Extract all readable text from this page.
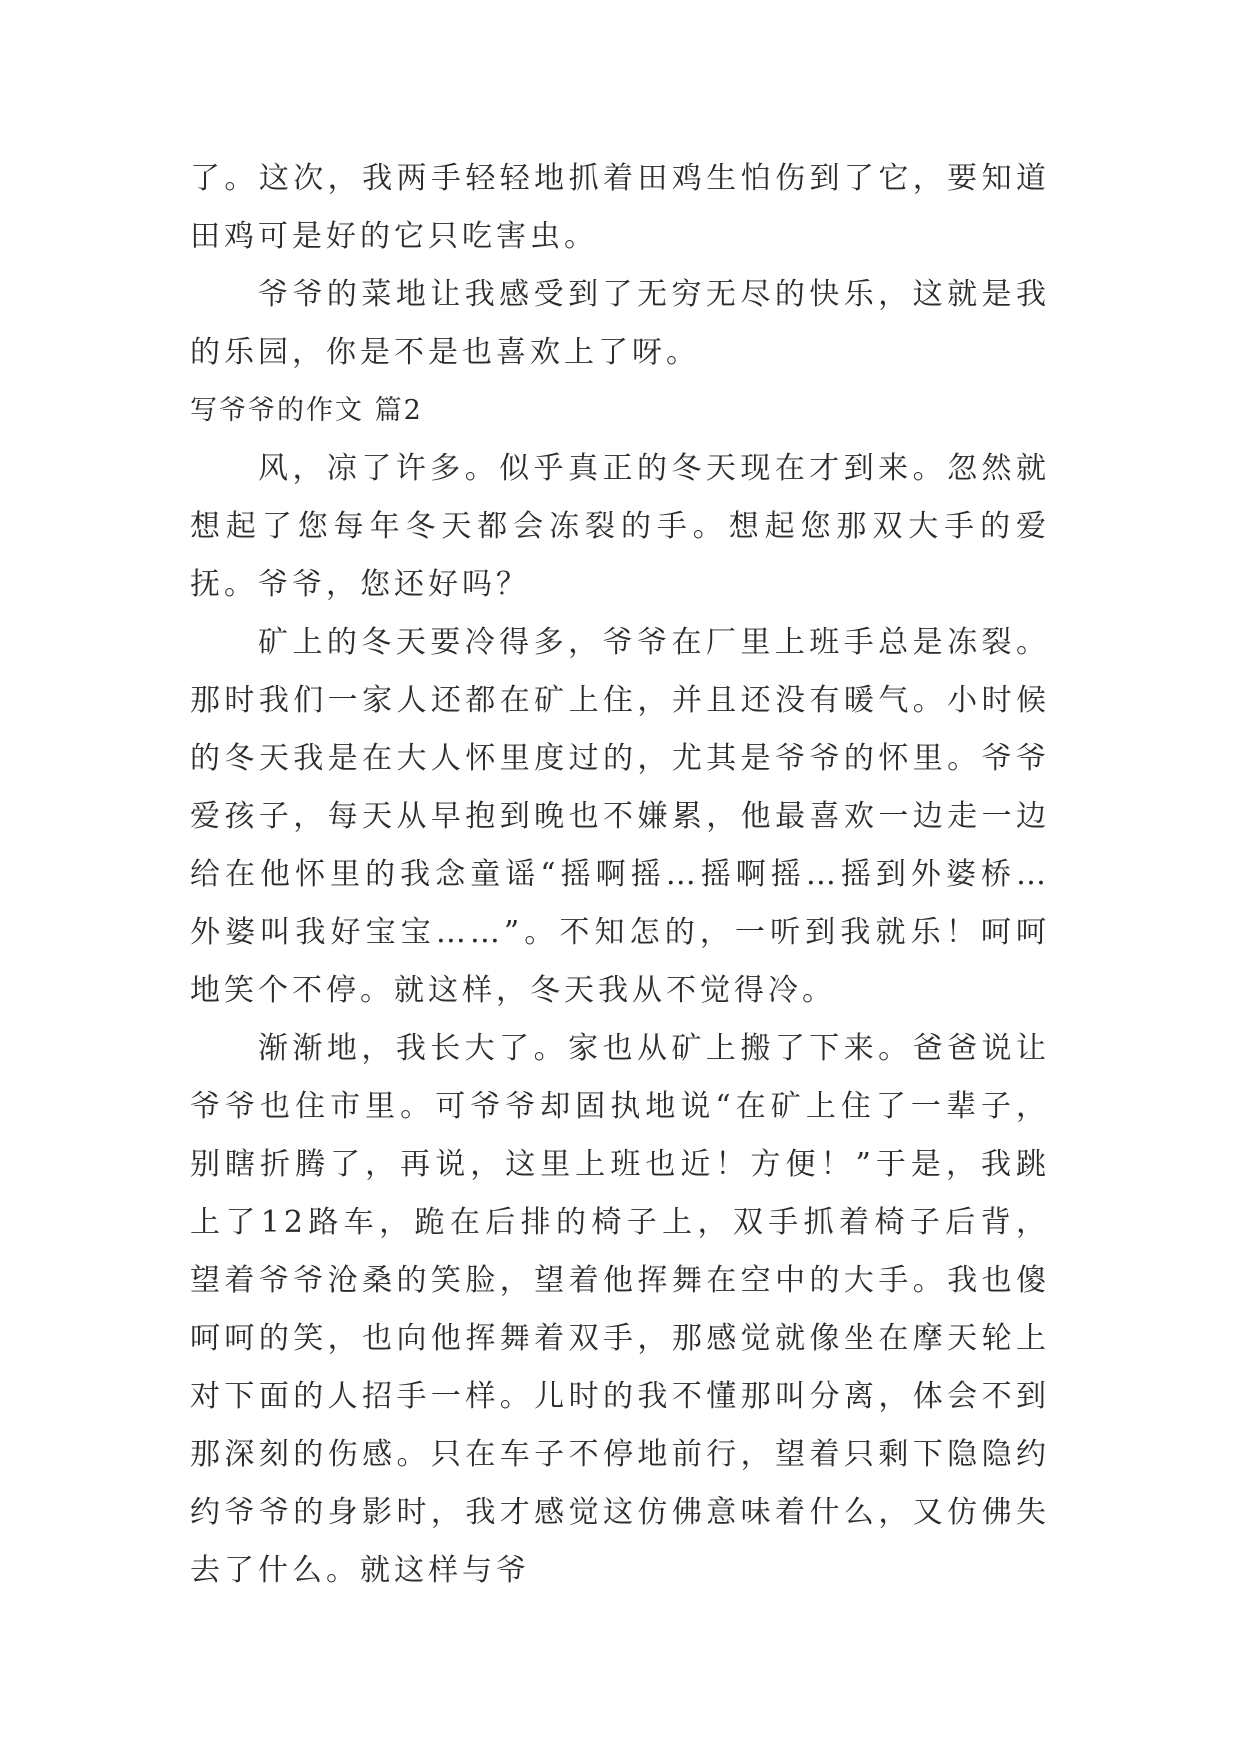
了。这次，我两手轻轻地抓着田鸡生怕伤到了它，要知道田鸡可是好的它只吃害虫。

爷爷的菜地让我感受到了无穷无尽的快乐，这就是我的乐园，你是不是也喜欢上了呀。

写爷爷的作文 篇2

风，凉了许多。似乎真正的冬天现在才到来。忽然就想起了您每年冬天都会冻裂的手。想起您那双大手的爱抚。爷爷，您还好吗？

矿上的冬天要冷得多，爷爷在厂里上班手总是冻裂。那时我们一家人还都在矿上住，并且还没有暖气。小时候的冬天我是在大人怀里度过的，尤其是爷爷的怀里。爷爷爱孩子，每天从早抱到晚也不嫌累，他最喜欢一边走一边给在他怀里的我念童谣“摇啊摇…摇啊摇…摇到外婆桥…外婆叫我好宝宝……”。不知怎的，一听到我就乐！呵呵地笑个不停。就这样，冬天我从不觉得冷。

渐渐地，我长大了。家也从矿上搬了下来。爸爸说让爷爷也住市里。可爷爷却固执地说“在矿上住了一辈子，别瞎折腾了，再说，这里上班也近！方便！”于是，我跳上了12路车，跪在后排的椅子上，双手抓着椅子后背，望着爷爷沧桑的笑脸，望着他挥舞在空中的大手。我也傻呵呵的笑，也向他挥舞着双手，那感觉就像坐在摩天轮上对下面的人招手一样。儿时的我不懂那叫分离，体会不到那深刻的伤感。只在车子不停地前行，望着只剩下隐隐约约爷爷的身影时，我才感觉这仿佛意味着什么，又仿佛失去了什么。就这样与爷
